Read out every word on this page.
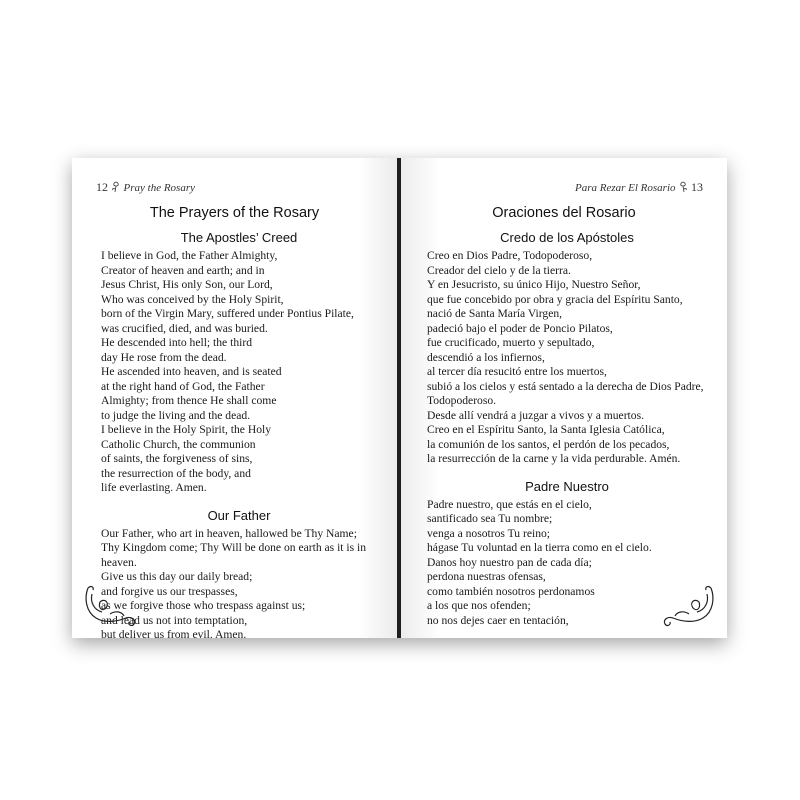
12 Pray the Rosary
The Prayers of the Rosary
The Apostles’ Creed
I believe in God, the Father Almighty,
Creator of heaven and earth; and in
Jesus Christ, His only Son, our Lord,
Who was conceived by the Holy Spirit,
born of the Virgin Mary, suffered under Pontius Pilate,
was crucified, died, and was buried.
He descended into hell; the third
day He rose from the dead.
He ascended into heaven, and is seated
at the right hand of God, the Father
Almighty; from thence He shall come
to judge the living and the dead.
I believe in the Holy Spirit, the Holy
Catholic Church, the communion
of saints, the forgiveness of sins,
the resurrection of the body, and
life everlasting. Amen.
Our Father
Our Father, who art in heaven, hallowed be Thy Name;
Thy Kingdom come; Thy Will be done on earth as it is in
heaven.
Give us this day our daily bread;
and forgive us our trespasses,
as we forgive those who trespass against us;
and lead us not into temptation,
but deliver us from evil. Amen.
Para Rezar El Rosario 13
Oraciones del Rosario
Credo de los Apóstoles
Creo en Dios Padre, Todopoderoso,
Creador del cielo y de la tierra.
Y en Jesucristo, su único Hijo, Nuestro Señor,
que fue concebido por obra y gracia del Espíritu Santo,
nació de Santa María Virgen,
padeció bajo el poder de Poncio Pilatos,
fue crucificado, muerto y sepultado,
descendió a los infiernos,
al tercer día resucitó entre los muertos,
subió a los cielos y está sentado a la derecha de Dios Padre,
Todopoderoso.
Desde allí vendrá a juzgar a vivos y a muertos.
Creo en el Espíritu Santo, la Santa Iglesia Católica,
la comunión de los santos, el perdón de los pecados,
la resurrección de la carne y la vida perdurable. Amén.
Padre Nuestro
Padre nuestro, que estás en el cielo,
santificado sea Tu nombre;
venga a nosotros Tu reino;
hágase Tu voluntad en la tierra como en el cielo.
Danos hoy nuestro pan de cada día;
perdona nuestras ofensas,
como también nosotros perdonamos
a los que nos ofenden;
no nos dejes caer en tentación,
